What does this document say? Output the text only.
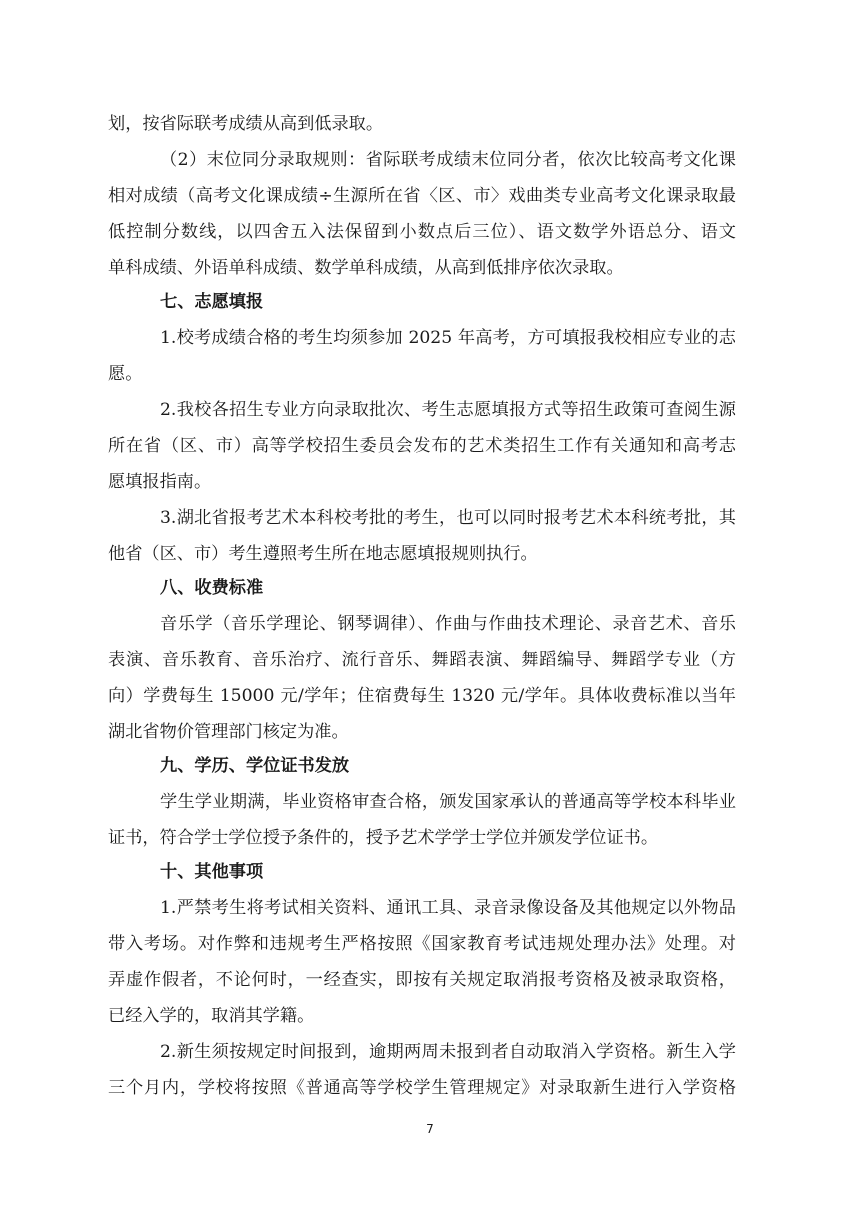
划，按省际联考成绩从高到低录取。
（2）末位同分录取规则：省际联考成绩末位同分者，依次比较高考文化课
相对成绩（高考文化课成绩÷生源所在省〈区、市〉戏曲类专业高考文化课录取最
低控制分数线，以四舍五入法保留到小数点后三位）、语文数学外语总分、语文
单科成绩、外语单科成绩、数学单科成绩，从高到低排序依次录取。
七、志愿填报
1.校考成绩合格的考生均须参加 2025 年高考，方可填报我校相应专业的志
愿。
2.我校各招生专业方向录取批次、考生志愿填报方式等招生政策可查阅生源
所在省（区、市）高等学校招生委员会发布的艺术类招生工作有关通知和高考志
愿填报指南。
3.湖北省报考艺术本科校考批的考生，也可以同时报考艺术本科统考批，其
他省（区、市）考生遵照考生所在地志愿填报规则执行。
八、收费标准
音乐学（音乐学理论、钢琴调律）、作曲与作曲技术理论、录音艺术、音乐
表演、音乐教育、音乐治疗、流行音乐、舞蹈表演、舞蹈编导、舞蹈学专业（方
向）学费每生 15000 元/学年；住宿费每生 1320 元/学年。具体收费标准以当年
湖北省物价管理部门核定为准。
九、学历、学位证书发放
学生学业期满，毕业资格审查合格，颁发国家承认的普通高等学校本科毕业
证书，符合学士学位授予条件的，授予艺术学学士学位并颁发学位证书。
十、其他事项
1.严禁考生将考试相关资料、通讯工具、录音录像设备及其他规定以外物品
带入考场。对作弊和违规考生严格按照《国家教育考试违规处理办法》处理。对
弄虚作假者，不论何时，一经查实，即按有关规定取消报考资格及被录取资格，
已经入学的，取消其学籍。
2.新生须按规定时间报到，逾期两周未报到者自动取消入学资格。新生入学
三个月内，学校将按照《普通高等学校学生管理规定》对录取新生进行入学资格
7
